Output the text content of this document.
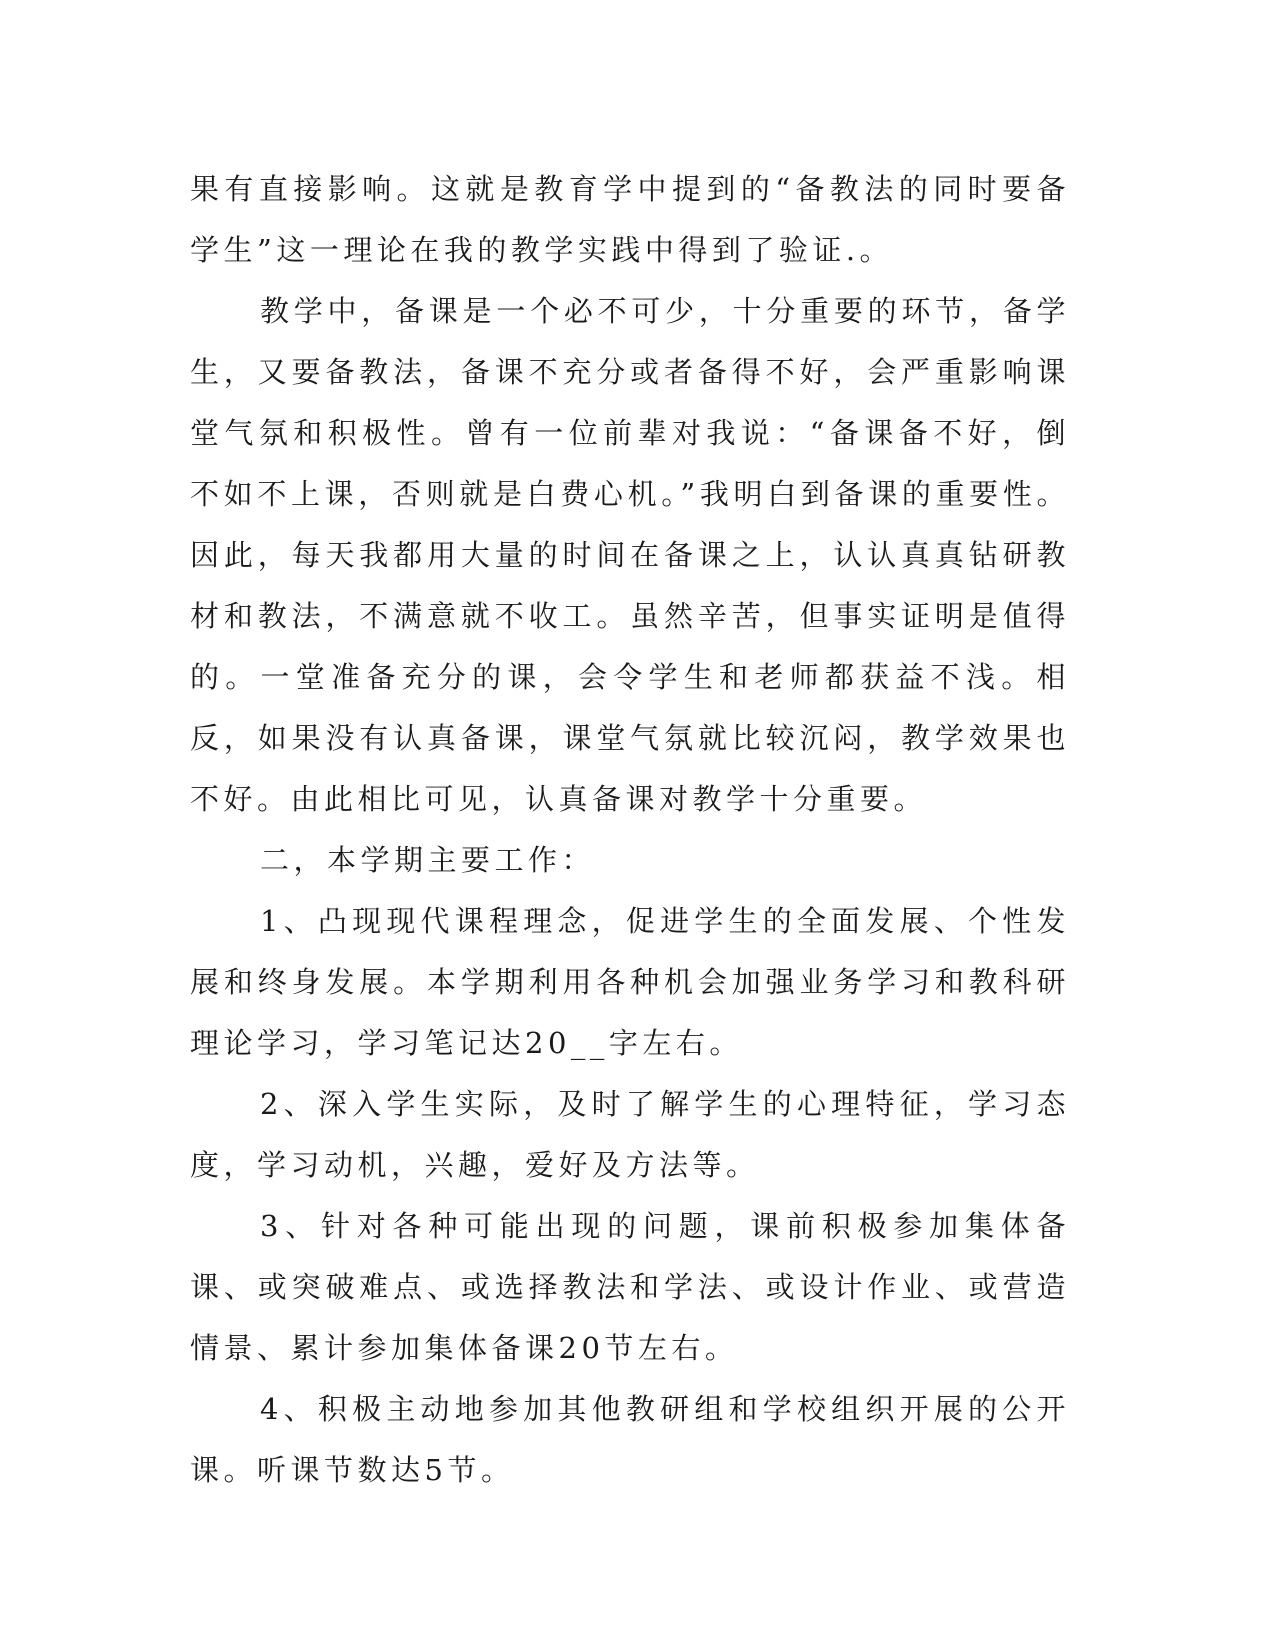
果有直接影响。这就是教育学中提到的“备教法的同时要备学生”这一理论在我的教学实践中得到了验证.。

教学中，备课是一个必不可少，十分重要的环节，备学生，又要备教法，备课不充分或者备得不好，会严重影响课堂气氛和积极性。曾有一位前辈对我说：“备课备不好，倒不如不上课，否则就是白费心机。”我明白到备课的重要性。因此，每天我都用大量的时间在备课之上，认认真真钻研教材和教法，不满意就不收工。虽然辛苦，但事实证明是值得的。一堂准备充分的课，会令学生和老师都获益不浅。相反，如果没有认真备课，课堂气氛就比较沉闷，教学效果也不好。由此相比可见，认真备课对教学十分重要。

二，本学期主要工作：

1、凸现现代课程理念，促进学生的全面发展、个性发展和终身发展。本学期利用各种机会加强业务学习和教科研理论学习，学习笔记达20__字左右。

2、深入学生实际，及时了解学生的心理特征，学习态度，学习动机，兴趣，爱好及方法等。

3、针对各种可能出现的问题，课前积极参加集体备课、或突破难点、或选择教法和学法、或设计作业、或营造情景、累计参加集体备课20节左右。

4、积极主动地参加其他教研组和学校组织开展的公开课。听课节数达5节。
